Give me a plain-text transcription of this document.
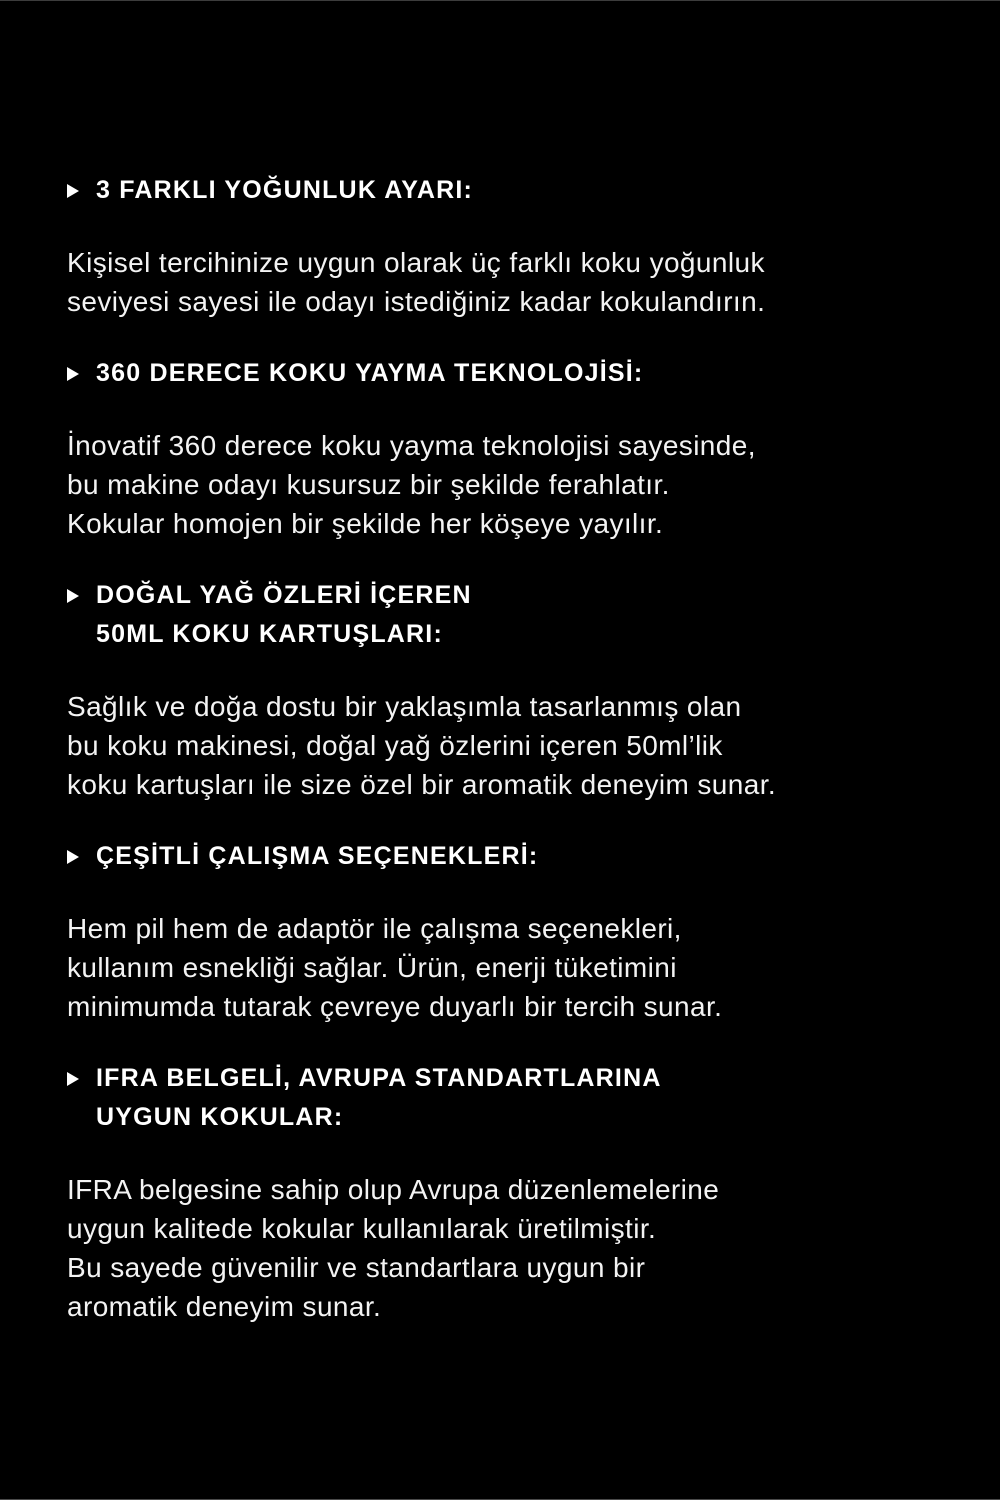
3 FARKLI YOĞUNLUK AYARI:

Kişisel tercihinize uygun olarak üç farklı koku yoğunluk
seviyesi sayesi ile odayı istediğiniz kadar kokulandırın.

360 DERECE KOKU YAYMA TEKNOLOJİSİ:

İnovatif 360 derece koku yayma teknolojisi sayesinde,
bu makine odayı kusursuz bir şekilde ferahlatır.
Kokular homojen bir şekilde her köşeye yayılır.

DOĞAL YAĞ ÖZLERİ İÇEREN
50ML KOKU KARTUŞLARI:

Sağlık ve doğa dostu bir yaklaşımla tasarlanmış olan
bu koku makinesi, doğal yağ özlerini içeren 50ml’lik
koku kartuşları ile size özel bir aromatik deneyim sunar.

ÇEŞİTLİ ÇALIŞMA SEÇENEKLERİ:

Hem pil hem de adaptör ile çalışma seçenekleri,
kullanım esnekliği sağlar. Ürün, enerji tüketimini
minimumda tutarak çevreye duyarlı bir tercih sunar.

IFRA BELGELİ, AVRUPA STANDARTLARINA
UYGUN KOKULAR:

IFRA belgesine sahip olup Avrupa düzenlemelerine
uygun kalitede kokular kullanılarak üretilmiştir.
Bu sayede güvenilir ve standartlara uygun bir
aromatik deneyim sunar.
